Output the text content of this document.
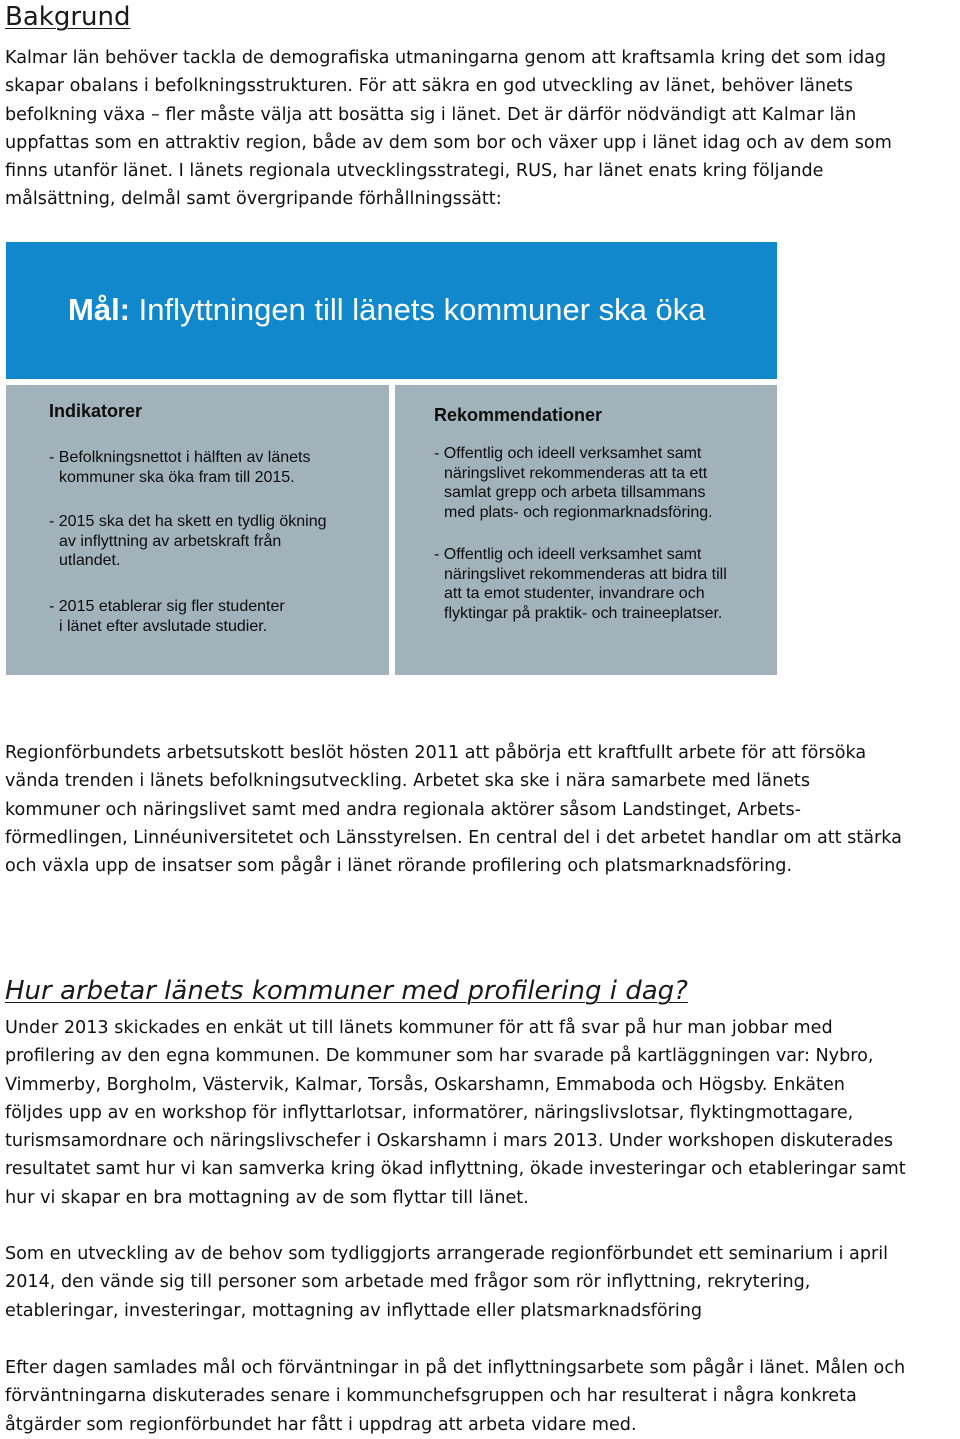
Bakgrund
Kalmar län behöver tackla de demografiska utmaningarna genom att kraftsamla kring det som idag
skapar obalans i befolkningsstrukturen. För att säkra en god utveckling av länet, behöver länets
befolkning växa – fler måste välja att bosätta sig i länet. Det är därför nödvändigt att Kalmar län
uppfattas som en attraktiv region, både av dem som bor och växer upp i länet idag och av dem som
finns utanför länet. I länets regionala utvecklingsstrategi, RUS, har länet enats kring följande
målsättning, delmål samt övergripande förhållningssätt:
Mål: Inflyttningen till länets kommuner ska öka
Indikatorer
- Befolkningsnettot i hälften av länets
kommuner ska öka fram till 2015.
- 2015 ska det ha skett en tydlig ökning
av inflyttning av arbetskraft från
utlandet.
- 2015 etablerar sig fler studenter
i länet efter avslutade studier.
Rekommendationer
- Offentlig och ideell verksamhet samt
näringslivet rekommenderas att ta ett
samlat grepp och arbeta tillsammans
med plats- och regionmarknadsföring.
- Offentlig och ideell verksamhet samt
näringslivet rekommenderas att bidra till
att ta emot studenter, invandrare och
flyktingar på praktik- och traineeplatser.
Regionförbundets arbetsutskott beslöt hösten 2011 att påbörja ett kraftfullt arbete för att försöka
vända trenden i länets befolkningsutveckling. Arbetet ska ske i nära samarbete med länets
kommuner och näringslivet samt med andra regionala aktörer såsom Landstinget, Arbets-
förmedlingen, Linnéuniversitetet och Länsstyrelsen. En central del i det arbetet handlar om att stärka
och växla upp de insatser som pågår i länet rörande profilering och platsmarknadsföring.
Hur arbetar länets kommuner med profilering i dag?
Under 2013 skickades en enkät ut till länets kommuner för att få svar på hur man jobbar med
profilering av den egna kommunen. De kommuner som har svarade på kartläggningen var: Nybro,
Vimmerby, Borgholm, Västervik, Kalmar, Torsås, Oskarshamn, Emmaboda och Högsby. Enkäten
följdes upp av en workshop för inflyttarlotsar, informatörer, näringslivslotsar, flyktingmottagare,
turismsamordnare och näringslivschefer i Oskarshamn i mars 2013. Under workshopen diskuterades
resultatet samt hur vi kan samverka kring ökad inflyttning, ökade investeringar och etableringar samt
hur vi skapar en bra mottagning av de som flyttar till länet.
Som en utveckling av de behov som tydliggjorts arrangerade regionförbundet ett seminarium i april
2014, den vände sig till personer som arbetade med frågor som rör inflyttning, rekrytering,
etableringar, investeringar, mottagning av inflyttade eller platsmarknadsföring
Efter dagen samlades mål och förväntningar in på det inflyttningsarbete som pågår i länet. Målen och
förväntningarna diskuterades senare i kommunchefsgruppen och har resulterat i några konkreta
åtgärder som regionförbundet har fått i uppdrag att arbeta vidare med.
